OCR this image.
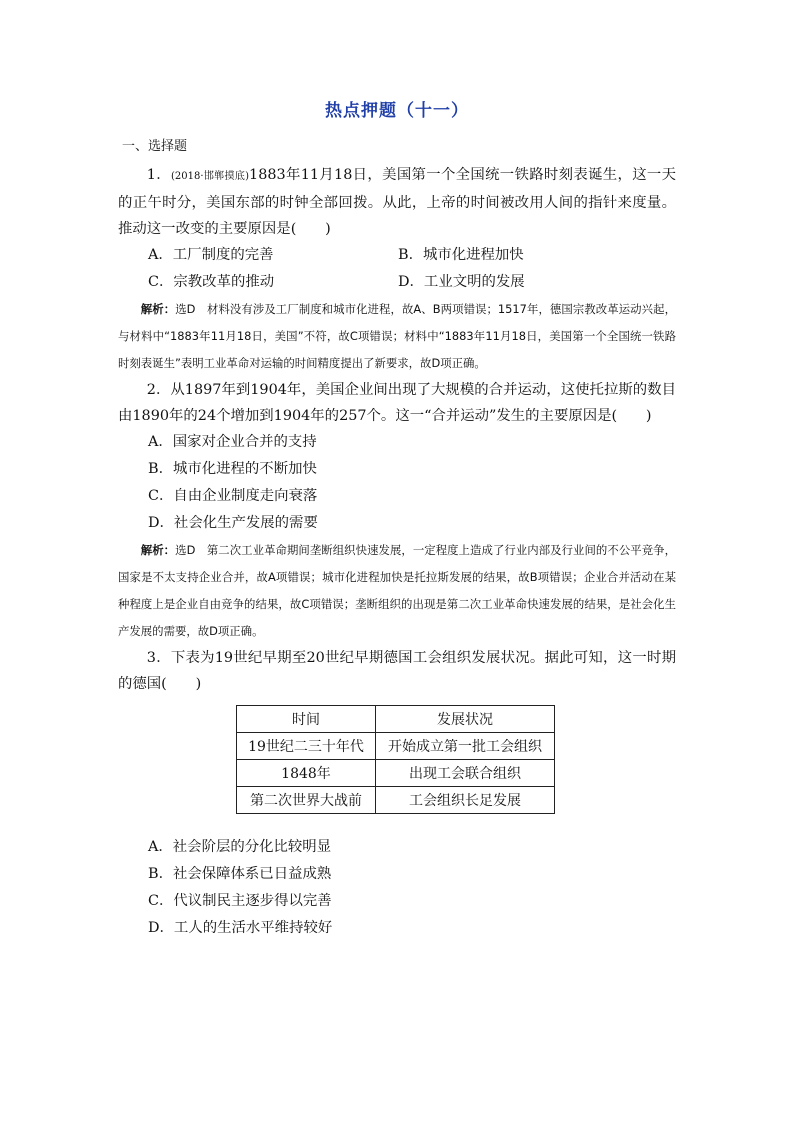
热点押题（十一）
一、选择题

1．(2018·邯郸摸底)1883年11月18日，美国第一个全国统一铁路时刻表诞生，这一天的正午时分，美国东部的时钟全部回拨。从此，上帝的时间被改用人间的指针来度量。推动这一改变的主要原因是(　　)

A．工厂制度的完善	B．城市化进程加快
C．宗教改革的推动	D．工业文明的发展

解析：选D　材料没有涉及工厂制度和城市化进程，故A、B两项错误；1517年，德国宗教改革运动兴起，与材料中“1883年11月18日，美国”不符，故C项错误；材料中“1883年11月18日，美国第一个全国统一铁路时刻表诞生”表明工业革命对运输的时间精度提出了新要求，故D项正确。

2．从1897年到1904年，美国企业间出现了大规模的合并运动，这使托拉斯的数目由1890年的24个增加到1904年的257个。这一“合并运动”发生的主要原因是(　　)

A．国家对企业合并的支持
B．城市化进程的不断加快
C．自由企业制度走向衰落
D．社会化生产发展的需要

解析：选D　第二次工业革命期间垄断组织快速发展，一定程度上造成了行业内部及行业间的不公平竞争，国家是不太支持企业合并，故A项错误；城市化进程加快是托拉斯发展的结果，故B项错误；企业合并活动在某种程度上是企业自由竞争的结果，故C项错误；垄断组织的出现是第二次工业革命快速发展的结果，是社会化生产发展的需要，故D项正确。

3．下表为19世纪早期至20世纪早期德国工会组织发展状况。据此可知，这一时期的德国(　　)

时间	发展状况
19世纪二三十年代	开始成立第一批工会组织
1848年	出现工会联合组织
第二次世界大战前	工会组织长足发展
A．社会阶层的分化比较明显
B．社会保障体系已日益成熟
C．代议制民主逐步得以完善
D．工人的生活水平维持较好
